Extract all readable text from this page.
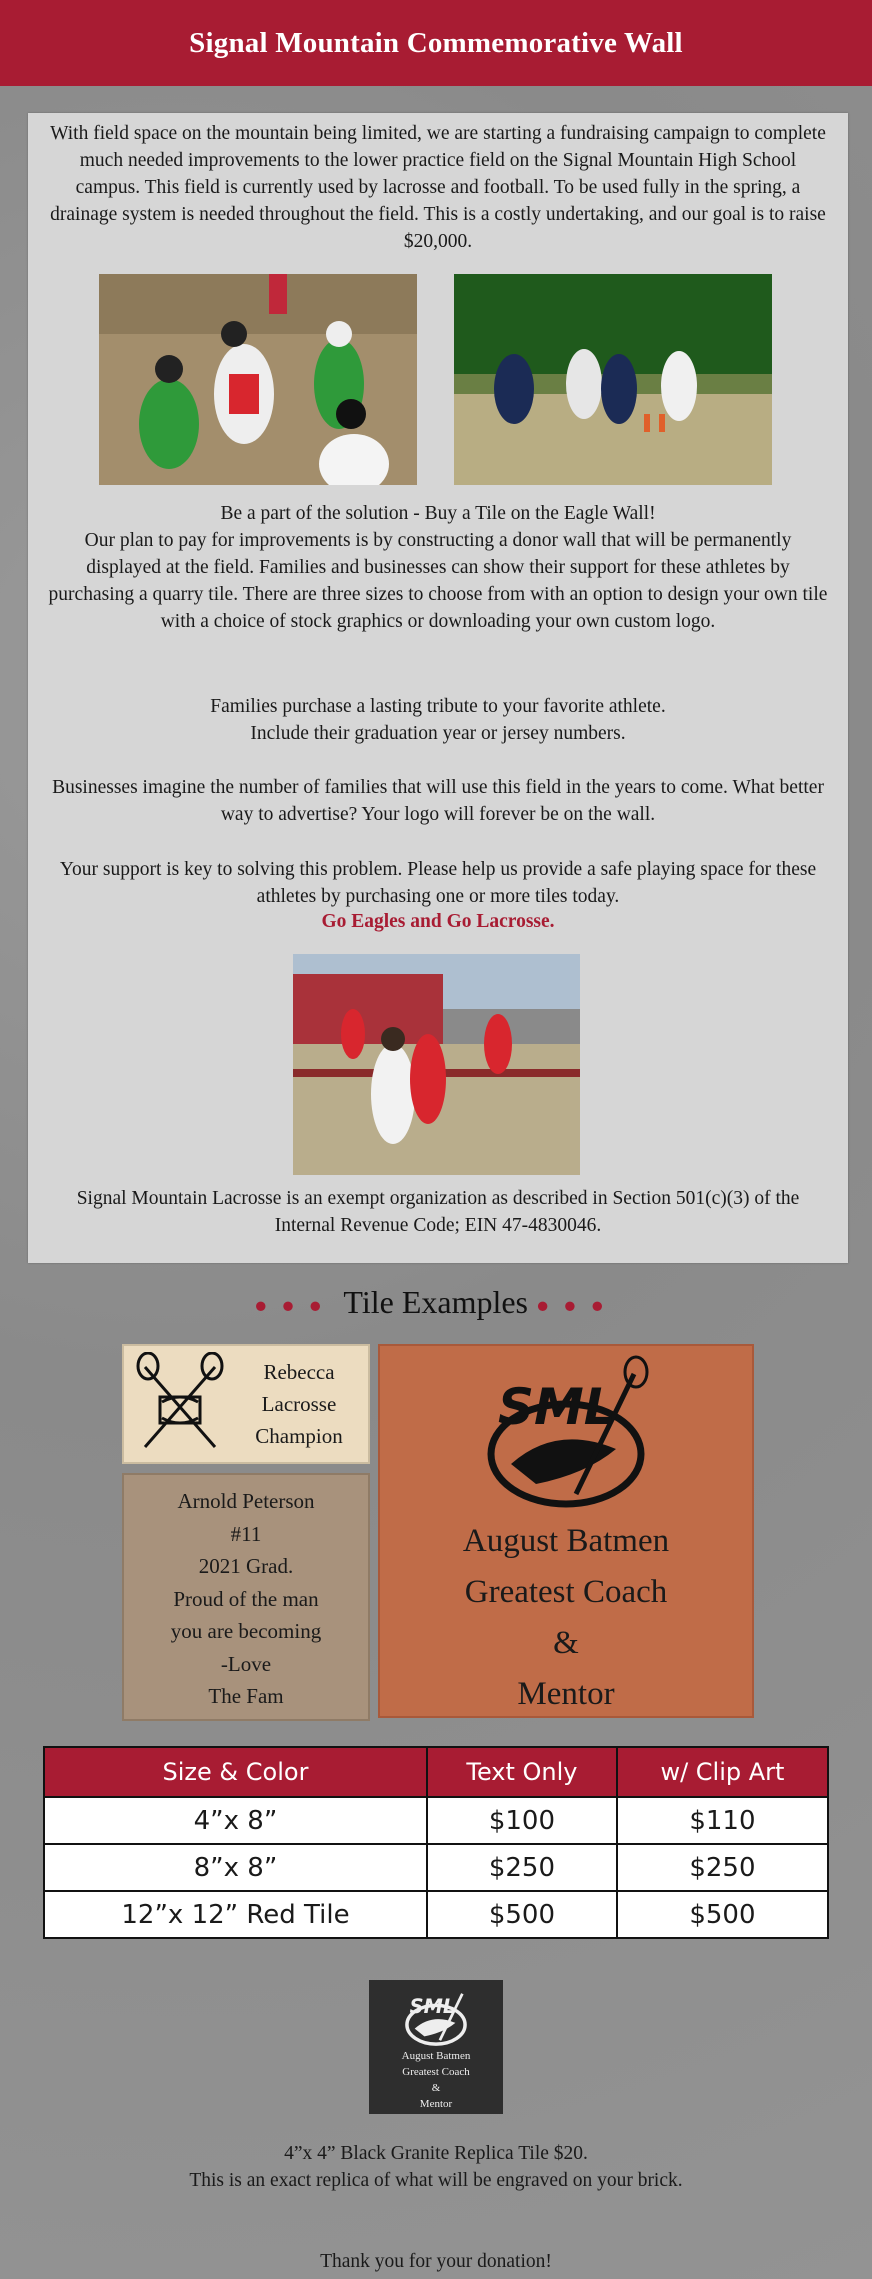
Signal Mountain Commemorative Wall

With field space on the mountain being limited, we are starting a fundraising campaign to complete much needed improvements to the lower practice field on the Signal Mountain High School campus. This field is currently used by lacrosse and football. To be used fully in the spring, a drainage system is needed throughout the field. This is a costly undertaking, and our goal is to raise $20,000.

Be a part of the solution - Buy a Tile on the Eagle Wall!

Our plan to pay for improvements is by constructing a donor wall that will be permanently displayed at the field. Families and businesses can show their support for these athletes by purchasing a quarry tile. There are three sizes to choose from with an option to design your own tile with a choice of stock graphics or downloading your own custom logo.

Families purchase a lasting tribute to your favorite athlete.

Include their graduation year or jersey numbers.

Businesses imagine the number of families that will use this field in the years to come. What better way to advertise? Your logo will forever be on the wall.

Your support is key to solving this problem. Please help us provide a safe playing space for these athletes by purchasing one or more tiles today.

Go Eagles and Go Lacrosse.

Signal Mountain Lacrosse is an exempt organization as described in Section 501(c)(3) of the Internal Revenue Code; EIN 47-4830046.

●●● Tile Examples ●●●
Rebecca
Lacrosse
Champion
Arnold Peterson
#11
2021 Grad.
Proud of the man
you are becoming
-Love
The Fam
SML
August Batmen
Greatest Coach
&
Mentor
Size & Color	Text Only	w/ Clip Art
4”x 8”	$100	$110
8”x 8”	$250	$250
12”x 12” Red Tile	$500	$500
SML
August Batmen
Greatest Coach
&
Mentor

4”x 4” Black Granite Replica Tile $20.

This is an exact replica of what will be engraved on your brick.

Thank you for your donation!
